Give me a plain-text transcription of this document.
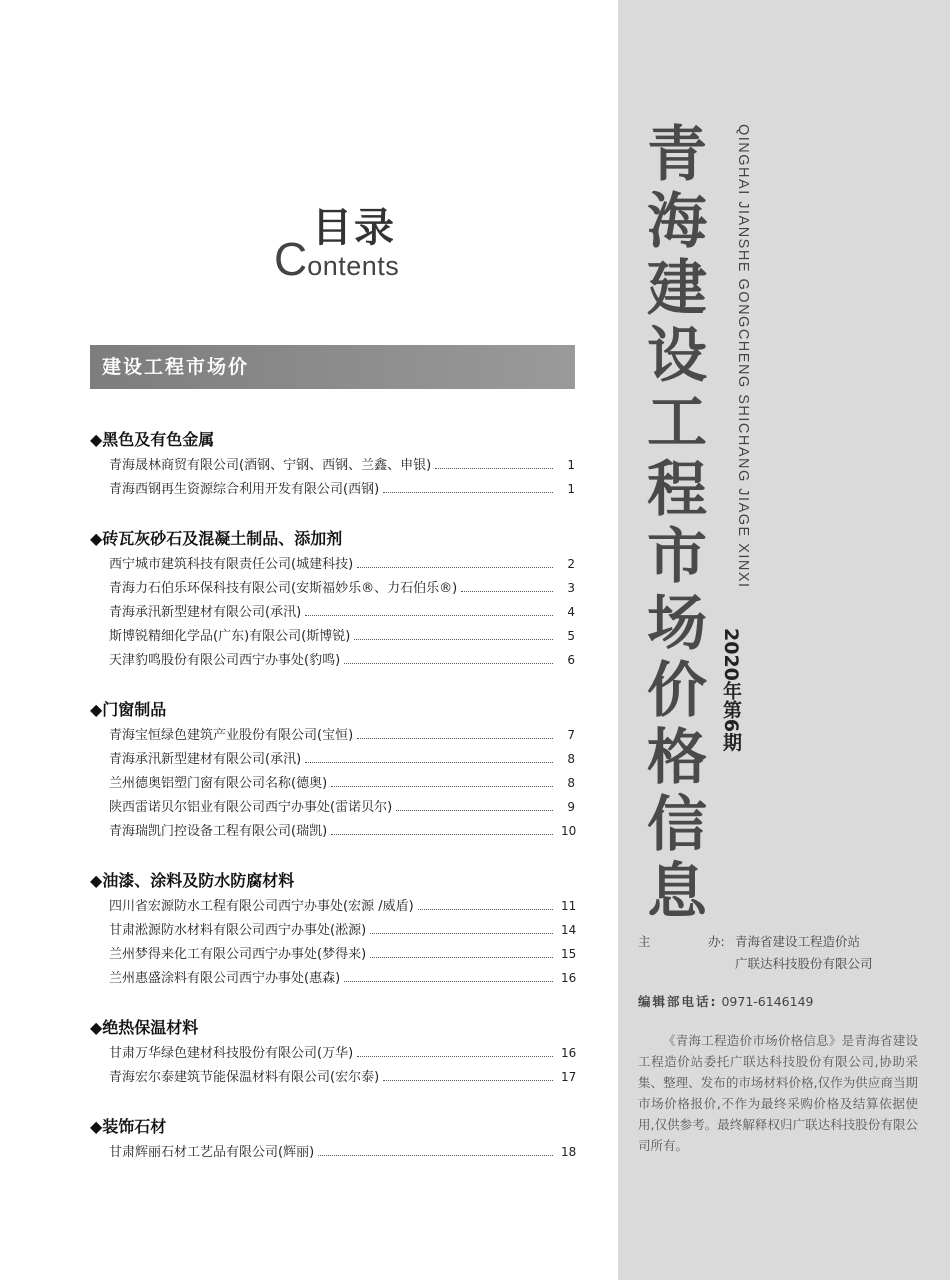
目录
Contents
建设工程市场价
◆黑色及有色金属
青海晟林商贸有限公司(酒钢、宁钢、西钢、兰鑫、申银)	1
青海西钢再生资源综合利用开发有限公司(西钢)	1
◆砖瓦灰砂石及混凝土制品、添加剂
西宁城市建筑科技有限责任公司(城建科技)	2
青海力石伯乐环保科技有限公司(安斯福妙乐®、力石伯乐®)	3
青海承汛新型建材有限公司(承汛)	4
斯博锐精细化学品(广东)有限公司(斯博锐)	5
天津豹鸣股份有限公司西宁办事处(豹鸣)	6
◆门窗制品
青海宝恒绿色建筑产业股份有限公司(宝恒)	7
青海承汛新型建材有限公司(承汛)	8
兰州德奥铝塑门窗有限公司名称(德奥)	8
陕西雷诺贝尔铝业有限公司西宁办事处(雷诺贝尔)	9
青海瑞凯门控设备工程有限公司(瑞凯)	10
◆油漆、涂料及防水防腐材料
四川省宏源防水工程有限公司西宁办事处(宏源 /威盾)	11
甘肃淞源防水材料有限公司西宁办事处(淞源)	14
兰州梦得来化工有限公司西宁办事处(梦得来)	15
兰州惠盛涂料有限公司西宁办事处(惠森)	16
◆绝热保温材料
甘肃万华绿色建材科技股份有限公司(万华)	16
青海宏尔泰建筑节能保温材料有限公司(宏尔泰)	17
◆装饰石材
甘肃辉丽石材工艺品有限公司(辉丽)	18
青
海
建
设
工
程
市
场
价
格
信
息
QINGHAI JIANSHE GONGCHENG SHICHANG JIAGE XINXI
2020年第6期
主	办: 青海省建设工程造价站
广联达科技股份有限公司
编辑部电话: 0971-6146149
《青海工程造价市场价格信息》是青海省建设工程造价站委托广联达科技股份有限公司,协助采集、整理、发布的市场材料价格,仅作为供应商当期市场价格报价,不作为最终采购价格及结算依据使用,仅供参考。最终解释权归广联达科技股份有限公司所有。
